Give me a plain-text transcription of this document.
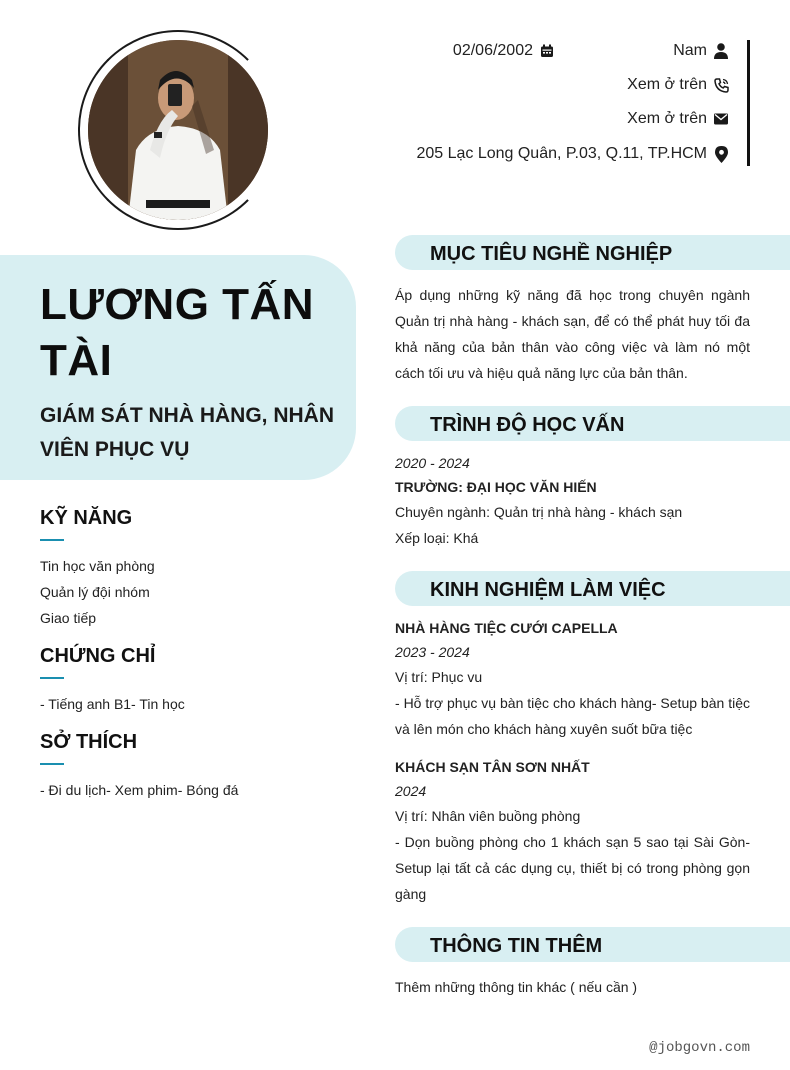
02/06/2002	Nam
Xem ở trên
Xem ở trên
205 Lạc Long Quân, P.03, Q.11, TP.HCM
LƯƠNG TẤN
TÀI
GIÁM SÁT NHÀ HÀNG, NHÂN
VIÊN PHỤC VỤ
KỸ NĂNG
Tin học văn phòng
Quản lý đội nhóm
Giao tiếp
CHỨNG CHỈ
- Tiếng anh B1- Tin học
SỞ THÍCH
- Đi du lịch- Xem phim- Bóng đá
MỤC TIÊU NGHỀ NGHIỆP
Áp dụng những kỹ năng đã học trong chuyên ngành Quản trị nhà hàng - khách sạn, để có thể phát huy tối đa khả năng của bản thân vào công việc và làm nó một cách tối ưu và hiệu quả năng lực của bản thân.
TRÌNH ĐỘ HỌC VẤN
2020 - 2024
TRƯỜNG: ĐẠI HỌC VĂN HIẾN
Chuyên ngành: Quản trị nhà hàng - khách sạn
Xếp loại: Khá
KINH NGHIỆM LÀM VIỆC
NHÀ HÀNG TIỆC CƯỚI CAPELLA
2023 - 2024
Vị trí: Phục vu
- Hỗ trợ phục vụ bàn tiệc cho khách hàng- Setup bàn tiệc và lên món cho khách hàng xuyên suốt bữa tiệc
KHÁCH SẠN TÂN SƠN NHẤT
2024
Vị trí: Nhân viên buồng phòng
- Dọn buồng phòng cho 1 khách sạn 5 sao tại Sài Gòn- Setup lại tất cả các dụng cụ, thiết bị có trong phòng gọn gàng
THÔNG TIN THÊM
Thêm những thông tin khác ( nếu cần )
@jobgovn.com
